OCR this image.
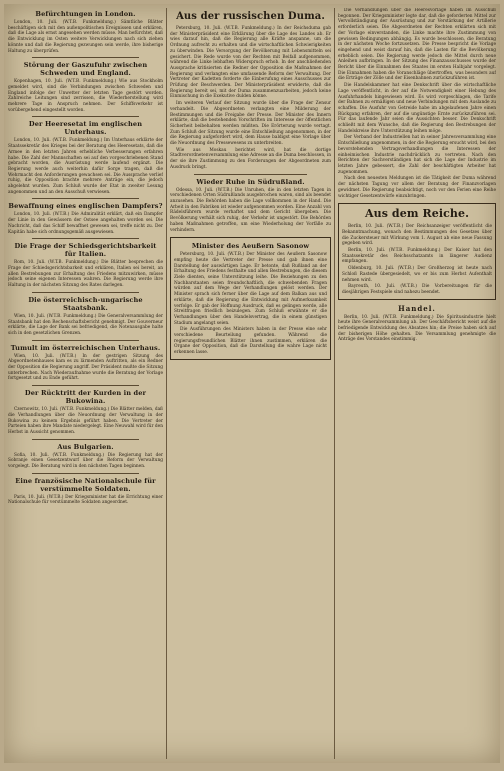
Befürchtungen in London.

London, 10. Juli. (W.T.B. Funkmeldung.) Sämtliche Blätter beschäftigen sich mit den außenpolitischen Ereignissen und erklären, daß die Lage als ernst angesehen werden müsse. Man befürchtet, daß die Entwicklung im Osten weitere Verwicklungen nach sich ziehen könnte und daß die Regierung gezwungen sein werde, ihre bisherige Haltung zu überprüfen.

Störung der Gaszufuhr zwischen Schweden und England.

Kopenhagen, 10. Juli. (W.T.B. Funkmeldung.) Wie aus Stockholm gemeldet wird, sind die Verbindungen zwischen Schweden und England infolge der Unwetter der letzten Tage gestört worden. Zahlreiche Leitungen sind zerrissen, die Wiederherstellung wird mehrere Tage in Anspruch nehmen. Der Schiffsverkehr ist vorübergehend eingestellt worden.

Der Heeresetat im englischen Unterhaus.

London, 10. Juli. (W.T.B. Funkmeldung.) Im Unterhaus erklärte der Staatssekretär des Krieges bei der Beratung des Heeresetats, daß die Armee in den letzten Jahren erhebliche Verbesserungen erfahren habe. Die Zahl der Mannschaften sei auf den vorgeschriebenen Stand gebracht worden, die Ausrüstung werde laufend ergänzt. Die Regierung werde auch weiterhin dafür Sorge tragen, daß die Wehrmacht den Anforderungen gewachsen sei. Die Aussprache verlief ruhig, die Opposition brachte mehrere Anträge ein, die jedoch abgelehnt wurden. Zum Schluß wurde der Etat in zweiter Lesung angenommen und an den Ausschuß verwiesen.

Bewaffnung eines englischen Dampfers?

London, 10. Juli. (W.T.B.) Die Admiralität erklärt, daß ein Dampfer der Linie in den Gewässern der Ostsee angehalten worden sei. Die Nachricht, daß das Schiff bewaffnet gewesen sei, treffe nicht zu. Der Kapitän habe sich ordnungsgemäß ausgewiesen.

Die Frage der Schiedsgerichtsbarkeit für Italien.

Rom, 10. Juli. (W.T.B. Funkmeldung.) Die Blätter besprechen die Frage der Schiedsgerichtsbarkeit und erklären, Italien sei bereit, an allen Bestrebungen zur Erhaltung des Friedens mitzuwirken, müsse jedoch seine eigenen Interessen wahren. Die Regierung werde ihre Haltung in der nächsten Sitzung des Rates darlegen.

Die österreichisch-ungarische Staatsbank.

Wien, 10. Juli. (W.T.B. Funkmeldung.) Die Generalversammlung der Staatsbank hat den Rechenschaftsbericht genehmigt. Der Gouverneur erklärte, die Lage der Bank sei befriedigend, die Notenausgabe halte sich in den gesetzlichen Grenzen.

Tumult im österreichischen Unterhaus.

Wien, 10. Juli. (W.T.B.) In der gestrigen Sitzung des Abgeordnetenhauses kam es zu lärmenden Auftritten, als ein Redner der Opposition die Regierung angriff. Der Präsident mußte die Sitzung unterbrechen. Nach Wiederaufnahme wurde die Beratung der Vorlage fortgesetzt und zu Ende geführt.

Der Rücktritt der Kurden in der Bukowina.

Czernowitz, 10. Juli. (W.T.B. Funkmeldung.) Die Blätter melden, daß die Verhandlungen über die Neuordnung der Verwaltung in der Bukowina zu keinem Ergebnis geführt haben. Die Vertreter der Parteien haben ihre Mandate niedergelegt. Eine Neuwahl wird für den Herbst in Aussicht genommen.

Aus Bulgarien.

Sofia, 10. Juli. (W.T.B. Funkmeldung.) Die Regierung hat der Sobranje einen Gesetzentwurf über die Reform der Verwaltung vorgelegt. Die Beratung wird in den nächsten Tagen beginnen.

Eine französische Nationalschule für verstümmelte Soldaten.

Paris, 10. Juli. (W.T.B.) Der Kriegsminister hat die Errichtung einer Nationalschule für verstümmelte Soldaten angeordnet.

Aus der russischen Duma.

Petersburg, 10. Juli. (W.T.B. Funkmeldung.) In der Reichsduma gab der Ministerpräsident eine Erklärung über die Lage des Landes ab. Er wies darauf hin, daß die Regierung alle Kräfte anspanne, um die Ordnung aufrecht zu erhalten und die wirtschaftlichen Schwierigkeiten zu überwinden. Die Versorgung der Bevölkerung mit Lebensmitteln sei gesichert. Die Rede wurde von der Rechten mit Beifall aufgenommen, während die Linke lebhaften Widerspruch erhob. In der anschließenden Aussprache kritisierten die Redner der Opposition die Maßnahmen der Regierung und verlangten eine umfassende Reform der Verwaltung. Der Vertreter der Kadetten forderte die Einberufung eines Ausschusses zur Prüfung der Beschwerden. Der Ministerpräsident erwiderte, daß die Regierung bereit sei, mit der Duma zusammenzuarbeiten, jedoch keine Einmischung in die Exekutive dulden könne.

Im weiteren Verlauf der Sitzung wurde über die Frage der Zensur verhandelt. Die Abgeordneten verlangten eine Milderung der Bestimmungen und die Freigabe der Presse. Der Minister des Innern erklärte, daß die bestehenden Vorschriften im Interesse der öffentlichen Sicherheit beibehalten werden müßten. Die Erörterung wurde vertagt. Zum Schluß der Sitzung wurde eine Entschließung angenommen, in der die Regierung aufgefordert wird, dem Hause baldigst eine Vorlage über die Neuordnung des Pressewesens zu unterbreiten.

Wie aus Moskau berichtet wird, hat die dortige Stadtverordnetenversammlung eine Adresse an die Duma beschlossen, in der sie ihre Zustimmung zu den Forderungen der Abgeordneten zum Ausdruck bringt.

Wieder Ruhe in Südrußland.

Odessa, 10. Juli. (W.T.B.) Die Unruhen, die in den letzten Tagen in verschiedenen Orten Südrußlands ausgebrochen waren, sind als beendet anzusehen. Die Behörden haben die Lage vollkommen in der Hand. Die Arbeit in den Fabriken ist wieder aufgenommen worden. Eine Anzahl von Rädelsführern wurde verhaftet und dem Gericht übergeben. Die Bevölkerung verhält sich ruhig, der Verkehr ist ungestört. Die Behörden haben Maßnahmen getroffen, um eine Wiederholung der Vorfälle zu verhindern.

Minister des Aeußern Sasonow

Petersburg, 10. Juli. (W.T.B.) Der Minister des Aeußern Sasonow empfing heute die Vertreter der Presse und gab ihnen eine Darstellung der auswärtigen Lage. Er betonte, daß Rußland an der Erhaltung des Friedens festhalte und allen Bestrebungen, die diesem Ziele dienten, seine Unterstützung leihe. Die Beziehungen zu den Nachbarstaaten seien freundschaftlich, die schwebenden Fragen würden auf dem Wege der Verhandlungen gelöst werden. Der Minister sprach sich ferner über die Lage auf dem Balkan aus und erklärte, daß die Regierung die Entwicklung mit Aufmerksamkeit verfolge. Er gab der Hoffnung Ausdruck, daß es gelingen werde, alle Streitfragen friedlich beizulegen. Zum Schluß erwähnte er die Verhandlungen über den Handelsvertrag, die in einem günstigen Stadium angelangt seien.

Die Ausführungen des Ministers haben in der Presse eine sehr verschiedene Beurteilung gefunden. Während die regierungsfreundlichen Blätter ihnen zustimmen, erklären die Organe der Opposition, daß die Darstellung die wahre Lage nicht erkennen lasse.

Die Verhandlungen über die Heeresvorlage haben im Ausschuß begonnen. Der Kriegsminister legte dar, daß die geforderten Mittel zur Vervollständigung der Ausrüstung und zur Verstärkung der Artillerie erforderlich seien. Die Abgeordneten der Rechten erklärten sich mit der Vorlage einverstanden, die Linke machte ihre Zustimmung von gewissen Bedingungen abhängig. Es wurde beschlossen, die Beratung in der nächsten Woche fortzusetzen. Die Presse bespricht die Vorlage eingehend und weist darauf hin, daß die Lasten für die Bevölkerung erheblich seien. Die Regierung werde jedoch die Mittel durch neue Anleihen aufbringen. In der Sitzung des Finanzausschusses wurde der Bericht über die Einnahmen des Staates im ersten Halbjahr vorgelegt. Die Einnahmen haben die Voranschläge übertroffen, was besonders auf die Erträge der Zölle und der Eisenbahnen zurückzuführen ist.

Die Handelskammer hat eine Denkschrift über die wirtschaftliche Lage veröffentlicht, in der auf die Notwendigkeit einer Hebung des Ausfuhrhandels hingewiesen wird. Es wird vorgeschlagen, die Tarife der Bahnen zu ermäßigen und neue Verbindungen mit dem Auslande zu schaffen. Die Ausfuhr von Getreide habe im abgelaufenen Jahre einen Rückgang erfahren, der auf die ungünstige Ernte zurückzuführen sei. Für das laufende Jahr seien die Aussichten besser. Die Denkschrift schließt mit dem Wunsche, daß die Regierung den Bestrebungen der Handelskreise ihre Unterstützung leihen möge.

Der Verband der Industriellen hat in seiner Jahresversammlung eine Entschließung angenommen, in der die Regierung ersucht wird, bei den bevorstehenden Vertragsverhandlungen die Interessen der einheimischen Industrie nachdrücklich zu vertreten. Nach den Berichten der Sachverständigen hat sich die Lage der Industrie im letzten Jahre gebessert, die Zahl der beschäftigten Arbeiter hat zugenommen.

Nach den neuesten Meldungen ist die Tätigkeit der Duma während der nächsten Tagung vor allem der Beratung der Finanzvorlagen gewidmet. Die Regierung beabsichtigt, noch vor den Ferien eine Reihe wichtiger Gesetzentwürfe einzubringen.

Aus dem Reiche.

Berlin, 10. Juli. (W.T.B.) Der Reichsanzeiger veröffentlicht die Bekanntmachung, wonach den Bestimmungen des Gesetzes über die Zuckersteuer mit Wirkung vom 1. August ab eine neue Fassung gegeben wird.

Berlin, 10. Juli. (W.T.B. Funkmeldung.) Der Kaiser hat den Staatssekretär des Reichsschatzamts in längerer Audienz empfangen.

Oldenburg, 10. Juli. (W.T.B.) Der Großherzog ist heute nach Schloß Rastede übergesiedelt, wo er bis zum Herbst Aufenthalt nehmen wird.

Bayreuth, 10. Juli. (W.T.B.) Die Vorbereitungen für die diesjährigen Festspiele sind nahezu beendet.

Handel.

Berlin, 10. Juli. (W.T.B. Funkmeldung.) Die Spiritusindustrie hielt heute ihre Generalversammlung ab. Der Geschäftsbericht weist auf die befriedigende Entwicklung des Absatzes hin; die Preise haben sich auf der bisherigen Höhe gehalten. Die Versammlung genehmigte die Anträge des Vorstandes einstimmig.
